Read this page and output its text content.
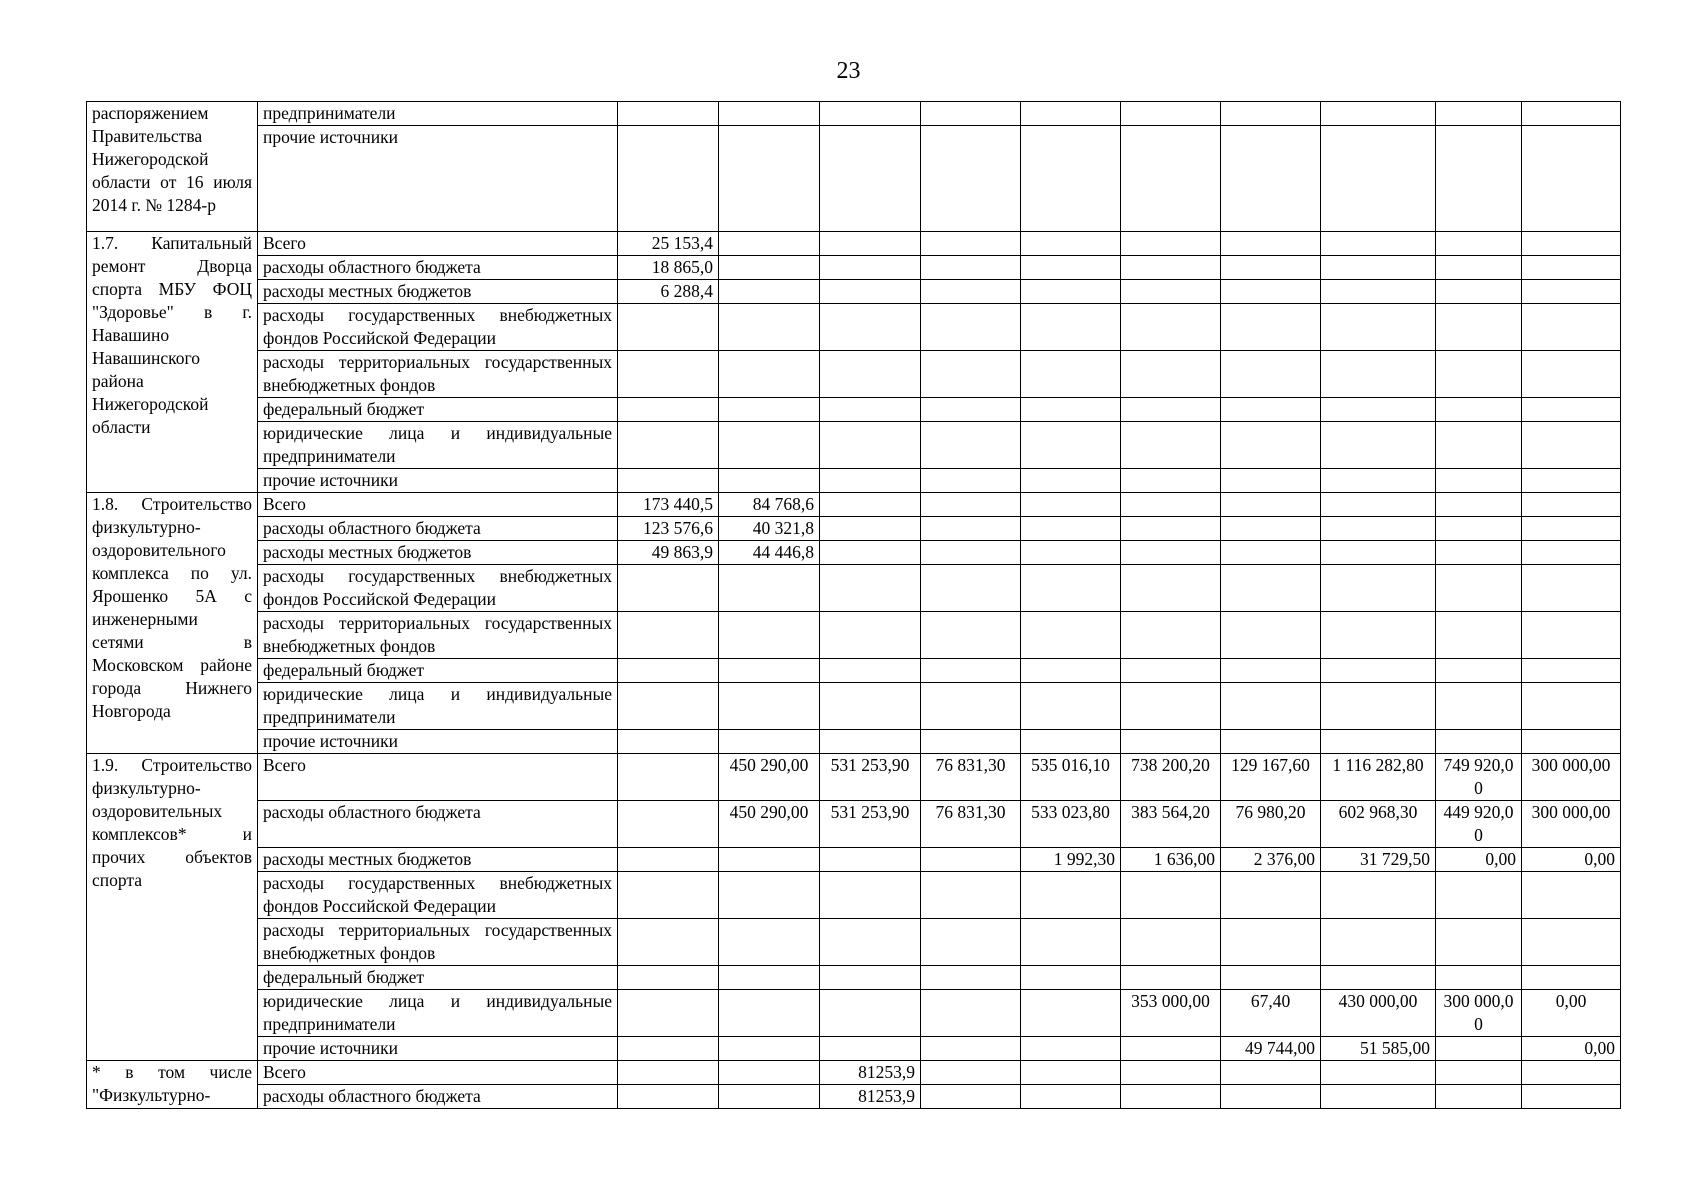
23
распоряжением Правительства Нижегородской области от 16 июля 2014 г. № 1284-р	предприниматели										
	прочие источники										
1.7. Капитальный ремонт Дворца спорта МБУ ФОЦ "Здоровье" в г. Навашино Навашинского района Нижегородской области	Всего	25 153,4									
	расходы областного бюджета	18 865,0									
	расходы местных бюджетов	6 288,4									
	расходы государственных внебюджетных фондов Российской Федерации										
	расходы территориальных государственных внебюджетных фондов										
	федеральный бюджет										
	юридические лица и индивидуальные предприниматели										
	прочие источники										
1.8. Строительство физкультурно-оздоровительного комплекса по ул. Ярошенко 5А с инженерными сетями в Московском районе города Нижнего Новгорода	Всего	173 440,5	84 768,6								
	расходы областного бюджета	123 576,6	40 321,8								
	расходы местных бюджетов	49 863,9	44 446,8								
	расходы государственных внебюджетных фондов Российской Федерации										
	расходы территориальных государственных внебюджетных фондов										
	федеральный бюджет										
	юридические лица и индивидуальные предприниматели										
	прочие источники										
1.9. Строительство физкультурно-оздоровительных комплексов* и прочих объектов спорта	Всего		450 290,00	531 253,90	76 831,30	535 016,10	738 200,20	129 167,60	1 116 282,80	749 920,00	300 000,00
	расходы областного бюджета		450 290,00	531 253,90	76 831,30	533 023,80	383 564,20	76 980,20	602 968,30	449 920,00	300 000,00
	расходы местных бюджетов					1 992,30	1 636,00	2 376,00	31 729,50	0,00	0,00
	расходы государственных внебюджетных фондов Российской Федерации										
	расходы территориальных государственных внебюджетных фондов										
	федеральный бюджет										
	юридические лица и индивидуальные предприниматели						353 000,00	67,40	430 000,00	300 000,00	0,00
	прочие источники							49 744,00	51 585,00		0,00
* в том числе "Физкультурно-	Всего			81253,9							
	расходы областного бюджета			81253,9							
